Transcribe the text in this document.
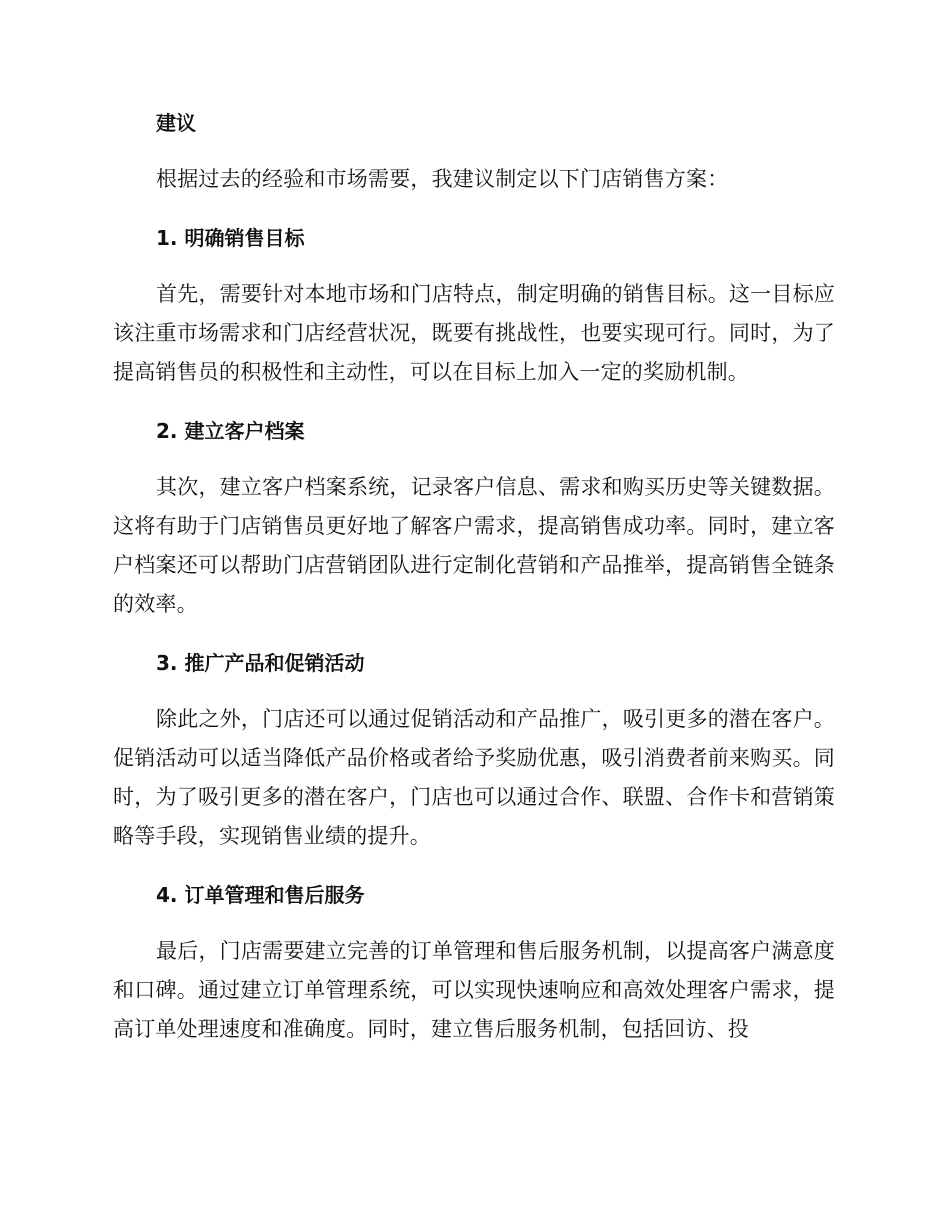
建议

根据过去的经验和市场需要，我建议制定以下门店销售方案：

1. 明确销售目标

首先，需要针对本地市场和门店特点，制定明确的销售目标。这一目标应该注重市场需求和门店经营状况，既要有挑战性，也要实现可行。同时，为了提高销售员的积极性和主动性，可以在目标上加入一定的奖励机制。

2. 建立客户档案

其次，建立客户档案系统，记录客户信息、需求和购买历史等关键数据。这将有助于门店销售员更好地了解客户需求，提高销售成功率。同时，建立客户档案还可以帮助门店营销团队进行定制化营销和产品推举，提高销售全链条的效率。

3. 推广产品和促销活动

除此之外，门店还可以通过促销活动和产品推广，吸引更多的潜在客户。促销活动可以适当降低产品价格或者给予奖励优惠，吸引消费者前来购买。同时，为了吸引更多的潜在客户，门店也可以通过合作、联盟、合作卡和营销策略等手段，实现销售业绩的提升。

4. 订单管理和售后服务

最后，门店需要建立完善的订单管理和售后服务机制，以提高客户满意度和口碑。通过建立订单管理系统，可以实现快速响应和高效处理客户需求，提高订单处理速度和准确度。同时，建立售后服务机制，包括回访、投
